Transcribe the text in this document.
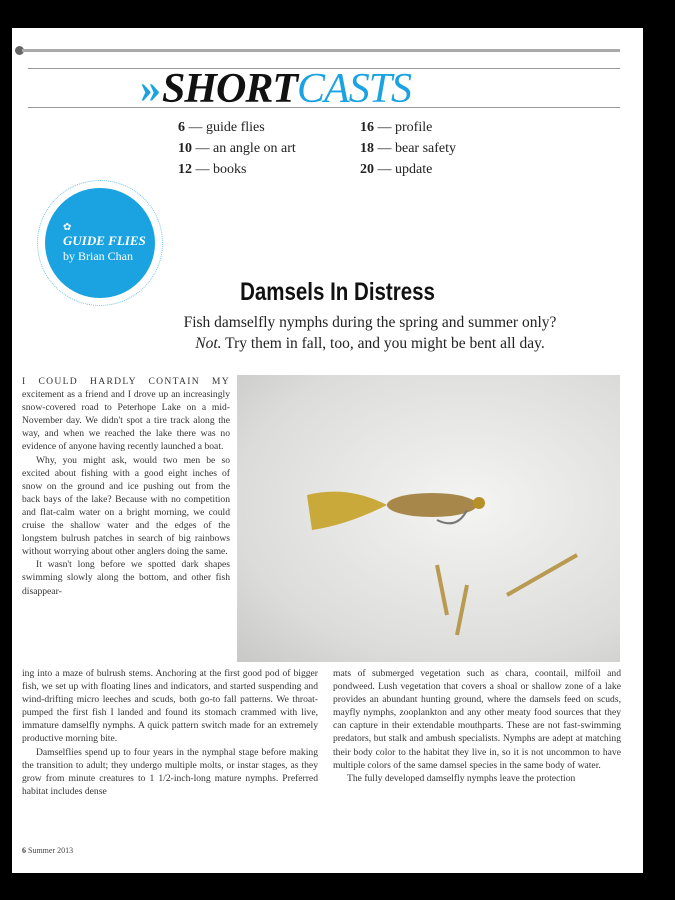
»SHORTCASTS
6 — guide flies
10 — an angle on art
12 — books
16 — profile
18 — bear safety
20 — update
✿
GUIDE FLIES
by Brian Chan
Damsels In Distress
Fish damselfly nymphs during the spring and summer only?
Not. Try them in fall, too, and you might be bent all day.

I COULD HARDLY CONTAIN MY excitement as a friend and I drove up an increasingly snow-covered road to Peterhope Lake on a mid-November day. We didn't spot a tire track along the way, and when we reached the lake there was no evidence of anyone having recently launched a boat.

Why, you might ask, would two men be so excited about fishing with a good eight inches of snow on the ground and ice pushing out from the back bays of the lake? Because with no competition and flat-calm water on a bright morning, we could cruise the shallow water and the edges of the longstem bulrush patches in search of big rainbows without worrying about other anglers doing the same.

It wasn't long before we spotted dark shapes swimming slowly along the bottom, and other fish disappear-

ing into a maze of bulrush stems. Anchoring at the first good pod of bigger fish, we set up with floating lines and indicators, and started suspending and wind-drifting micro leeches and scuds, both go-to fall patterns. We throat-pumped the first fish I landed and found its stomach crammed with live, immature damselfly nymphs. A quick pattern switch made for an extremely productive morning bite.

Damselflies spend up to four years in the nymphal stage before making the transition to adult; they undergo multiple molts, or instar stages, as they grow from minute creatures to 1 1/2-inch-long mature nymphs. Preferred habitat includes dense

mats of submerged vegetation such as chara, coontail, milfoil and pondweed. Lush vegetation that covers a shoal or shallow zone of a lake provides an abundant hunting ground, where the damsels feed on scuds, mayfly nymphs, zooplankton and any other meaty food sources that they can capture in their extendable mouthparts. These are not fast-swimming predators, but stalk and ambush specialists. Nymphs are adept at matching their body color to the habitat they live in, so it is not uncommon to have multiple colors of the same damsel species in the same body of water.

The fully developed damselfly nymphs leave the protection

6 Summer 2013
